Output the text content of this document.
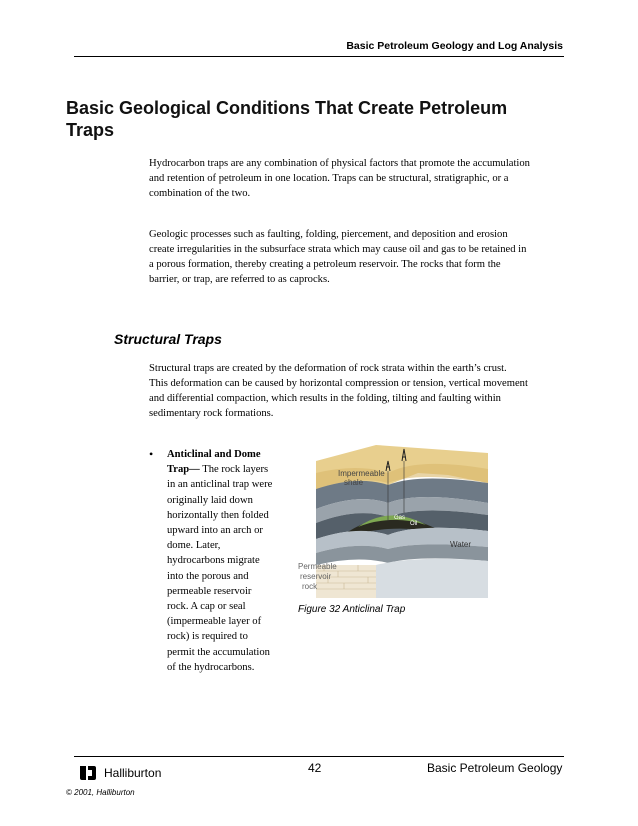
Basic Petroleum Geology and Log Analysis
Basic Geological Conditions That Create Petroleum
Traps
Hydrocarbon traps are any combination of physical factors that promote the accumulation
and retention of petroleum in one location. Traps can be structural, stratigraphic, or a
combination of the two.
Geologic processes such as faulting, folding, piercement, and deposition and erosion
create irregularities in the subsurface strata which may cause oil and gas to be retained in
a porous formation, thereby creating a petroleum reservoir. The rocks that form the
barrier, or trap, are referred to as caprocks.
Structural Traps
Structural traps are created by the deformation of rock strata within the earth’s crust.
This deformation can be caused by horizontal compression or tension, vertical movement
and differential compaction, which results in the folding, tilting and faulting within
sedimentary rock formations.
• Anticlinal and Dome
Trap— The rock layers
in an anticlinal trap were
originally laid down
horizontally then folded
upward into an arch or
dome. Later,
hydrocarbons migrate
into the porous and
permeable reservoir
rock. A cap or seal
(impermeable layer of
rock) is required to
permit the accumulation
of the hydrocarbons.
Impermeable
shale
Gas
Oil
Water
Permeable
reservoir
rock
Figure 32 Anticlinal Trap
Halliburton	42	Basic Petroleum Geology
© 2001, Halliburton
